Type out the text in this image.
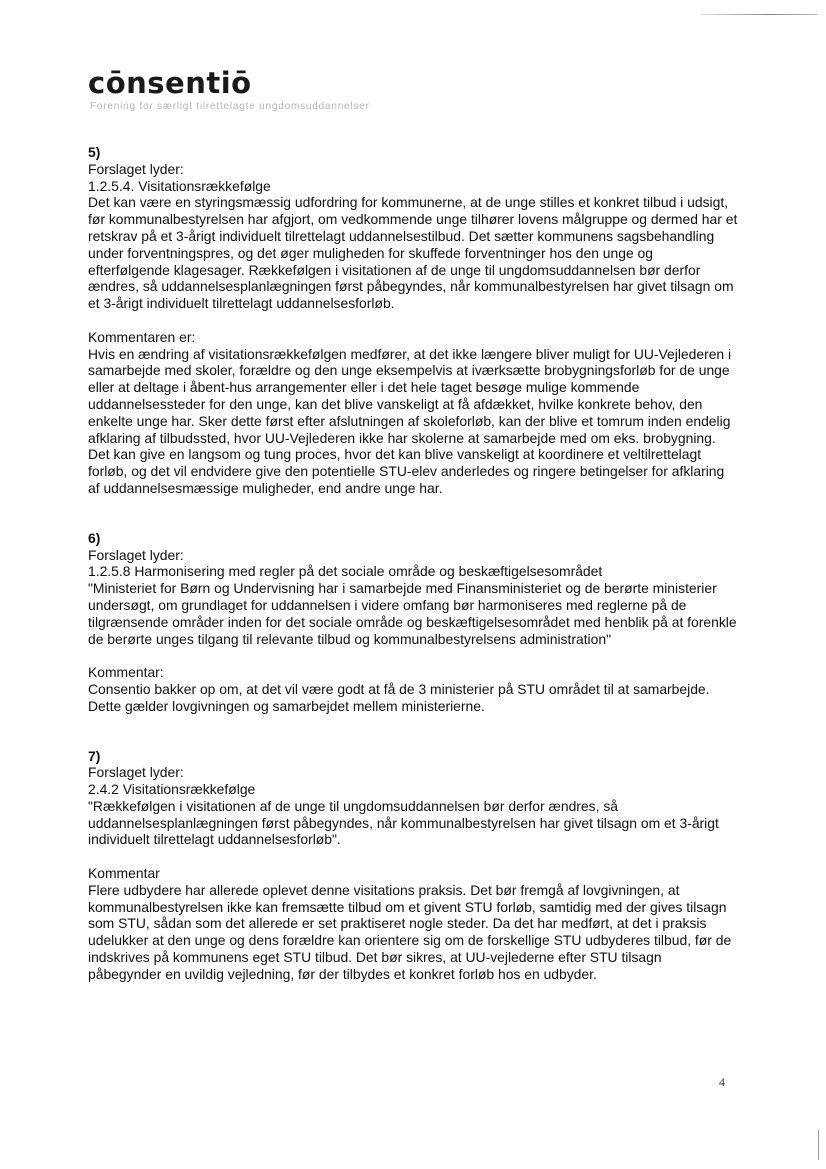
cōnsentiō
Forening for særligt tilrettelagte ungdomsuddannelser

5)

Forslaget lyder:

1.2.5.4. Visitationsrækkefølge

Det kan være en styringsmæssig udfordring for kommunerne, at de unge stilles et konkret tilbud i udsigt, før kommunalbestyrelsen har afgjort, om vedkommende unge tilhører lovens målgruppe og dermed har et retskrav på et 3-årigt individuelt tilrettelagt uddannelsestilbud. Det sætter kommunens sagsbehandling under forventningspres, og det øger muligheden for skuffede forventninger hos den unge og efterfølgende klagesager. Rækkefølgen i visitationen af de unge til ungdomsuddannelsen bør derfor ændres, så uddannelsesplanlægningen først påbegyndes, når kommunalbestyrelsen har givet tilsagn om et 3-årigt individuelt tilrettelagt uddannelsesforløb.

Kommentaren er:

Hvis en ændring af visitationsrækkefølgen medfører, at det ikke længere bliver muligt for UU-Vejlederen i samarbejde med skoler, forældre og den unge eksempelvis at iværksætte brobygningsforløb for de unge eller at deltage i åbent-hus arrangementer eller i det hele taget besøge mulige kommende uddannelsessteder for den unge, kan det blive vanskeligt at få afdækket, hvilke konkrete behov, den enkelte unge har. Sker dette først efter afslutningen af skoleforløb, kan der blive et tomrum inden endelig afklaring af tilbudssted, hvor UU-Vejlederen ikke har skolerne at samarbejde med om eks. brobygning. Det kan give en langsom og tung proces, hvor det kan blive vanskeligt at koordinere et veltilrettelagt forløb, og det vil endvidere give den potentielle STU-elev anderledes og ringere betingelser for afklaring af uddannelsesmæssige muligheder, end andre unge har.

6)

Forslaget lyder:

1.2.5.8 Harmonisering med regler på det sociale område og beskæftigelsesområdet

"Ministeriet for Børn og Undervisning har i samarbejde med Finansministeriet og de berørte ministerier undersøgt, om grundlaget for uddannelsen i videre omfang bør harmoniseres med reglerne på de tilgrænsende områder inden for det sociale område og beskæftigelsesområdet med henblik på at forenkle de berørte unges tilgang til relevante tilbud og kommunalbestyrelsens administration"

Kommentar:

Consentio bakker op om, at det vil være godt at få de 3 ministerier på STU området til at samarbejde. Dette gælder lovgivningen og samarbejdet mellem ministerierne.

7)

Forslaget lyder:

2.4.2 Visitationsrækkefølge

"Rækkefølgen i visitationen af de unge til ungdomsuddannelsen bør derfor ændres, så uddannelsesplanlægningen først påbegyndes, når kommunalbestyrelsen har givet tilsagn om et 3-årigt individuelt tilrettelagt uddannelsesforløb".

Kommentar

Flere udbydere har allerede oplevet denne visitations praksis. Det bør fremgå af lovgivningen, at kommunalbestyrelsen ikke kan fremsætte tilbud om et givent STU forløb, samtidig med der gives tilsagn som STU, sådan som det allerede er set praktiseret nogle steder. Da det har medført, at det i praksis udelukker at den unge og dens forældre kan orientere sig om de forskellige STU udbyderes tilbud, før de indskrives på kommunens eget STU tilbud. Det bør sikres, at UU-vejlederne efter STU tilsagn påbegynder en uvildig vejledning, før der tilbydes et konkret forløb hos en udbyder.

4
